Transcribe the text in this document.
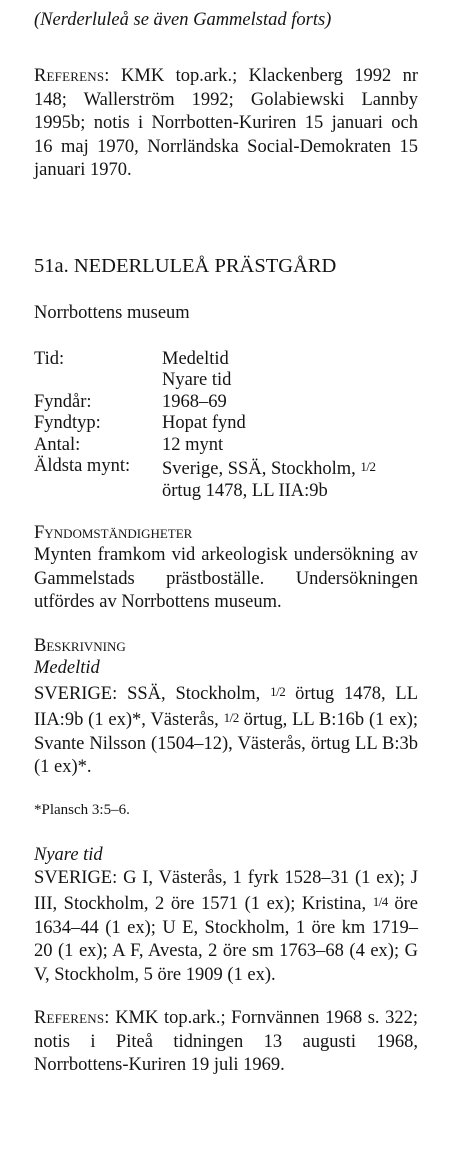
(Nerderluleå se även Gammelstad forts)

Referens: KMK top.ark.; Klackenberg 1992 nr 148; Wallerström 1992; Golabiewski Lannby 1995b; notis i Norrbotten-Kuriren 15 januari och 16 maj 1970, Norrländska Social-Demokraten 15 januari 1970.

51a. NEDERLULEÅ PRÄSTGÅRD

Norrbottens museum

Tid:	Medeltid
	Nyare tid
Fyndår:	1968–69
Fyndtyp:	Hopat fynd
Antal:	12 mynt
Äldsta mynt:	Sverige, SSÄ, Stockholm, 1/2 örtug 1478, LL IIA:9b

Fyndomständigheter

Mynten framkom vid arkeologisk undersökning av Gammelstads prästboställe. Undersökningen utfördes av Norrbottens museum.

Beskrivning

Medeltid

SVERIGE: SSÄ, Stockholm, 1/2 örtug 1478, LL IIA:9b (1 ex)*, Västerås, 1/2 örtug, LL B:16b (1 ex); Svante Nilsson (1504–12), Västerås, örtug LL B:3b (1 ex)*.

*Plansch 3:5–6.

Nyare tid

SVERIGE: G I, Västerås, 1 fyrk 1528–31 (1 ex); J III, Stockholm, 2 öre 1571 (1 ex); Kristina, 1/4 öre 1634–44 (1 ex); U E, Stockholm, 1 öre km 1719–20 (1 ex); A F, Avesta, 2 öre sm 1763–68 (4 ex); G V, Stockholm, 5 öre 1909 (1 ex).

Referens: KMK top.ark.; Fornvännen 1968 s. 322; notis i Piteå tidningen 13 augusti 1968, Norrbottens-Kuriren 19 juli 1969.
